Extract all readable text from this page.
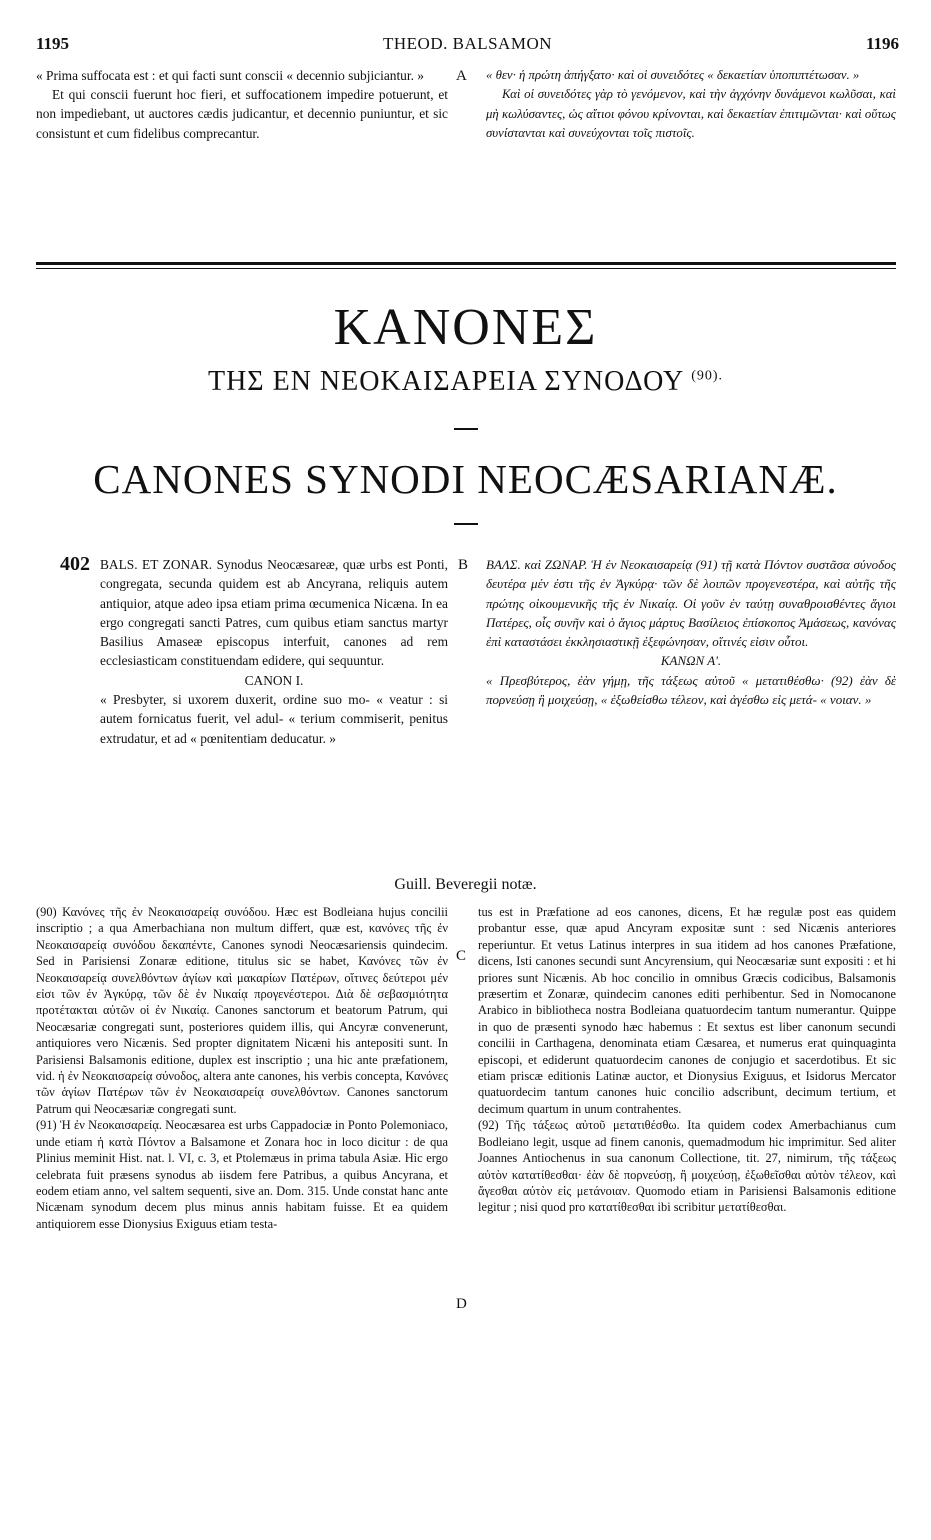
1195	THEOD. BALSAMON	1196

« Prima suffocata est : et qui facti sunt conscii « decennio subjiciantur. »

Et qui conscii fuerunt hoc fieri, et suffocationem impedire potuerunt, et non impediebant, ut auctores cædis judicantur, et decennio puniuntur, et sic consistunt et cum fidelibus comprecantur.

A « θεν· ἡ πρώτη ἀπήγξατο· καὶ οἱ συνειδότες « δεκαετίαν ὑποπιπτέτωσαν. »

Καὶ οἱ συνειδότες γὰρ τὸ γενόμενον, καὶ τὴν ἀγχόνην δυνάμενοι κωλῦσαι, καὶ μὴ κωλύσαντες, ὡς αἴτιοι φόνου κρίνονται, καὶ δεκαετίαν ἐπιτιμῶνται· καὶ οὕτως συνίστανται καὶ συνεύχονται τοῖς πιστοῖς.

ΚΑΝΟΝΕΣ
ΤΗΣ ΕΝ ΝΕΟΚΑΙΣΑΡΕΙΑ ΣΥΝΟΔΟΥ $^{(90).}$
CANONES SYNODI NEOCÆSARIANÆ.
402 BALS. ET ZONAR. Synodus Neocæsareæ, quæ urbs est Ponti, congregata, secunda quidem est ab Ancyrana, reliquis autem antiquior, atque adeo ipsa etiam prima œcumenica Nicæna. In ea ergo congregati sancti Patres, cum quibus etiam sanctus martyr Basilius Amaseæ episcopus interfuit, canones ad rem ecclesiasticam constituendam edidere, qui sequuntur.

CANON I.

« Presbyter, si uxorem duxerit, ordine suo mo- « veatur : si autem fornicatus fuerit, vel adul- « terium commiserit, penitus extrudatur, et ad « pœnitentiam deducatur. »

B ΒΑΛΣ. καὶ ΖΩΝΑΡ. Ἡ ἐν Νεοκαισαρείᾳ (91) τῇ κατὰ Πόντον συστᾶσα σύνοδος δευτέρα μέν ἐστι τῆς ἐν Ἀγκύρᾳ· τῶν δὲ λοιπῶν προγενεστέρα, καὶ αὐτῆς τῆς πρώτης οἰκουμενικῆς τῆς ἐν Νικαίᾳ. Οἱ γοῦν ἐν ταύτῃ συναθροισθέντες ἅγιοι Πατέρες, οἷς συνῆν καὶ ὁ ἅγιος μάρτυς Βασίλειος ἐπίσκοπος Ἀμάσεως, κανόνας ἐπὶ καταστάσει ἐκκλησιαστικῇ ἐξεφώνησαν, οἵτινές εἰσιν οὗτοι.

ΚΑΝΩΝ Α'.

« Πρεσβύτερος, ἐὰν γήμῃ, τῆς τάξεως αὐτοῦ « μετατιθέσθω· (92) ἐὰν δὲ πορνεύσῃ ἢ μοιχεύσῃ, « ἐξωθείσθω τέλεον, καὶ ἀγέσθω εἰς μετά- « νοιαν. »

Guill. Beveregii notæ.

(90) Κανόνες τῆς ἐν Νεοκαισαρείᾳ συνόδου. Hæc est Bodleiana hujus concilii inscriptio ; a qua Amerbachiana non multum differt, quæ est, κανόνες τῆς ἐν Νεοκαισαρείᾳ συνόδου δεκαπέντε, Canones synodi Neocæsariensis quindecim. Sed in Parisiensi Zonaræ editione, titulus sic se habet, Κανόνες τῶν ἐν Νεοκαισαρείᾳ συνελθόντων ἁγίων καὶ μακαρίων Πατέρων, οἵτινες δεύτεροι μέν εἰσι τῶν ἐν Ἀγκύρᾳ, τῶν δὲ ἐν Νικαίᾳ προγενέστεροι. Διὰ δὲ σεβασμιότητα προτέτακται αὐτῶν οἱ ἐν Νικαίᾳ. Canones sanctorum et beatorum Patrum, qui Neocæsariæ congregati sunt, posteriores quidem illis, qui Ancyræ convenerunt, antiquiores vero Nicænis. Sed propter dignitatem Nicæni his antepositi sunt. In Parisiensi Balsamonis editione, duplex est inscriptio ; una hic ante præfationem, vid. ἡ ἐν Νεοκαισαρείᾳ σύνοδος, altera ante canones, his verbis concepta, Κανόνες τῶν ἁγίων Πατέρων τῶν ἐν Νεοκαισαρείᾳ συνελθόντων. Canones sanctorum Patrum qui Neocæsariæ congregati sunt.

(91) Ἡ ἐν Νεοκαισαρείᾳ. Neocæsarea est urbs Cappadociæ in Ponto Polemoniaco, unde etiam ἡ κατὰ Πόντον a Balsamone et Zonara hoc in loco dicitur : de qua Plinius meminit Hist. nat. l. VI, c. 3, et Ptolemæus in prima tabula Asiæ. Hic ergo celebrata fuit præsens synodus ab iisdem fere Patribus, a quibus Ancyrana, et eodem etiam anno, vel saltem sequenti, sive an. Dom. 315. Unde constat hanc ante Nicænam synodum decem plus minus annis habitam fuisse. Et ea quidem antiquiorem esse Dionysius Exiguus etiam testa-

C
D

tus est in Præfatione ad eos canones, dicens, Et hæ regulæ post eas quidem probantur esse, quæ apud Ancyram expositæ sunt : sed Nicænis anteriores reperiuntur. Et vetus Latinus interpres in sua itidem ad hos canones Præfatione, dicens, Isti canones secundi sunt Ancyrensium, qui Neocæsariæ sunt expositi : et hi priores sunt Nicænis. Ab hoc concilio in omnibus Græcis codicibus, Balsamonis præsertim et Zonaræ, quindecim canones editi perhibentur. Sed in Nomocanone Arabico in bibliotheca nostra Bodleiana quatuordecim tantum numerantur. Quippe in quo de præsenti synodo hæc habemus : Et sextus est liber canonum secundi concilii in Carthagena, denominata etiam Cæsarea, et numerus erat quinquaginta episcopi, et ediderunt quatuordecim canones de conjugio et sacerdotibus. Et sic etiam priscæ editionis Latinæ auctor, et Dionysius Exiguus, et Isidorus Mercator quatuordecim tantum canones huic concilio adscribunt, decimum tertium, et decimum quartum in unum contrahentes.

(92) Τῆς τάξεως αὐτοῦ μετατιθέσθω. Ita quidem codex Amerbachianus cum Bodleiano legit, usque ad finem canonis, quemadmodum hic imprimitur. Sed aliter Joannes Antiochenus in sua canonum Collectione, tit. 27, nimirum, τῆς τάξεως αὐτὸν κατατίθεσθαι· ἐὰν δὲ πορνεύσῃ, ἢ μοιχεύσῃ, ἐξωθεῖσθαι αὐτὸν τέλεον, καὶ ἄγεσθαι αὐτὸν εἰς μετάνοιαν. Quomodo etiam in Parisiensi Balsamonis editione legitur ; nisi quod pro κατατίθεσθαι ibi scribitur μετατίθεσθαι.
